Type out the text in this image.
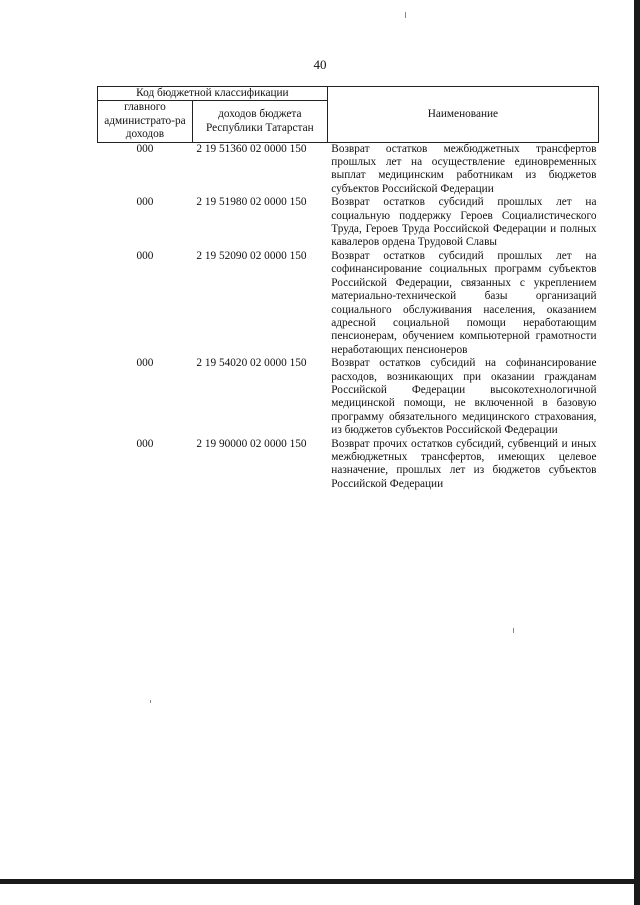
40
Код бюджетной классификации		Наименование
главного администрато-ра доходов	доходов бюджета Республики Татарстан	
000	2 19 51360 02 0000 150	Возврат остатков межбюджетных трансфертов прошлых лет на осуществление единовременных выплат медицинским работникам из бюджетов субъектов Российской Федерации
000	2 19 51980 02 0000 150	Возврат остатков субсидий прошлых лет на социальную поддержку Героев Социалистического Труда, Героев Труда Российской Федерации и полных кавалеров ордена Трудовой Славы
000	2 19 52090 02 0000 150	Возврат остатков субсидий прошлых лет на софинансирование социальных программ субъектов Российской Федерации, связанных с укреплением материально-технической базы организаций социального обслуживания населения, оказанием адресной социальной помощи неработающим пенсионерам, обучением компьютерной грамотности неработающих пенсионеров
000	2 19 54020 02 0000 150	Возврат остатков субсидий на софинансирование расходов, возникающих при оказании гражданам Российской Федерации высокотехнологичной медицинской помощи, не включенной в базовую программу обязательного медицинского страхования, из бюджетов субъектов Российской Федерации
000	2 19 90000 02 0000 150	Возврат прочих остатков субсидий, субвенций и иных межбюджетных трансфертов, имеющих целевое назначение, прошлых лет из бюджетов субъектов Российской Федерации
